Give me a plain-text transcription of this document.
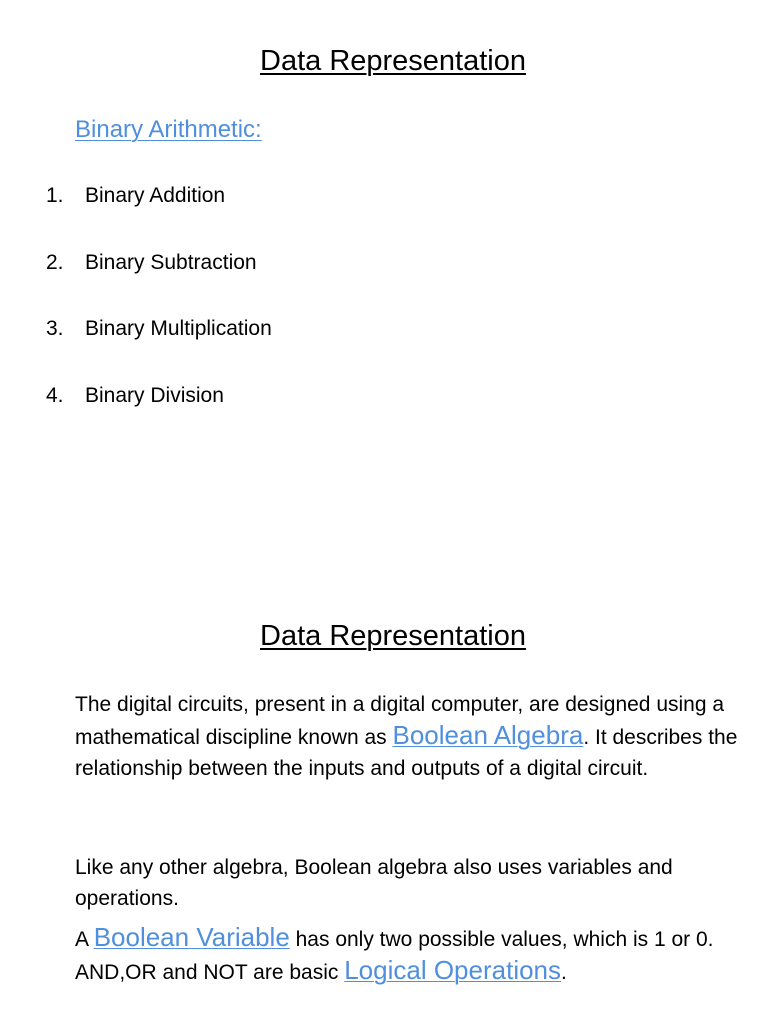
Data Representation
Binary Arithmetic:
1. Binary Addition
2. Binary Subtraction
3. Binary Multiplication
4. Binary Division
Data Representation

The digital circuits, present in a digital computer, are designed using a mathematical discipline known as Boolean Algebra. It describes the relationship between the inputs and outputs of a digital circuit.

Like any other algebra, Boolean algebra also uses variables and operations.

A Boolean Variable has only two possible values, which is 1 or 0. AND,OR and NOT are basic Logical Operations.
